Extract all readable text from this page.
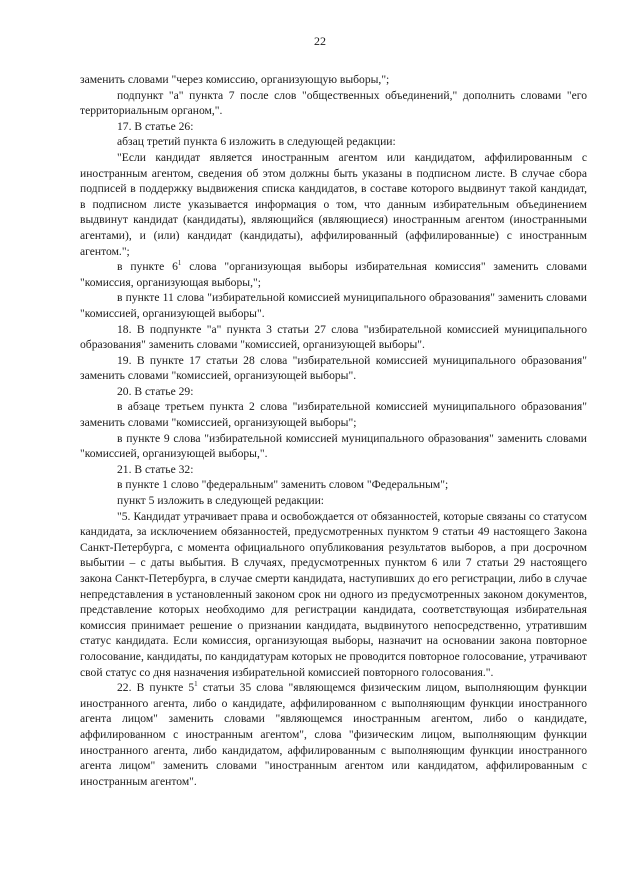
22

заменить словами "через комиссию, организующую выборы,";

подпункт "а" пункта 7 после слов "общественных объединений," дополнить словами "его территориальным органом,".

17. В статье 26:

абзац третий пункта 6 изложить в следующей редакции:

"Если кандидат является иностранным агентом или кандидатом, аффилированным с иностранным агентом, сведения об этом должны быть указаны в подписном листе. В случае сбора подписей в поддержку выдвижения списка кандидатов, в составе которого выдвинут такой кандидат, в подписном листе указывается информация о том, что данным избирательным объединением выдвинут кандидат (кандидаты), являющийся (являющиеся) иностранным агентом (иностранными агентами), и (или) кандидат (кандидаты), аффилированный (аффилированные) с иностранным агентом.";

в пункте $6^1$ слова "организующая выборы избирательная комиссия" заменить словами "комиссия, организующая выборы,";

в пункте 11 слова "избирательной комиссией муниципального образования" заменить словами "комиссией, организующей выборы".

18. В подпункте "а" пункта 3 статьи 27 слова "избирательной комиссией муниципального образования" заменить словами "комиссией, организующей выборы".

19. В пункте 17 статьи 28 слова "избирательной комиссией муниципального образования" заменить словами "комиссией, организующей выборы".

20. В статье 29:

в абзаце третьем пункта 2 слова "избирательной комиссией муниципального образования" заменить словами "комиссией, организующей выборы";

в пункте 9 слова "избирательной комиссией муниципального образования" заменить словами "комиссией, организующей выборы,".

21. В статье 32:

в пункте 1 слово "федеральным" заменить словом "Федеральным";

пункт 5 изложить в следующей редакции:

"5. Кандидат утрачивает права и освобождается от обязанностей, которые связаны со статусом кандидата, за исключением обязанностей, предусмотренных пунктом 9 статьи 49 настоящего Закона Санкт-Петербурга, с момента официального опубликования результатов выборов, а при досрочном выбытии – с даты выбытия. В случаях, предусмотренных пунктом 6 или 7 статьи 29 настоящего закона Санкт-Петербурга, в случае смерти кандидата, наступивших до его регистрации, либо в случае непредставления в установленный законом срок ни одного из предусмотренных законом документов, представление которых необходимо для регистрации кандидата, соответствующая избирательная комиссия принимает решение о признании кандидата, выдвинутого непосредственно, утратившим статус кандидата. Если комиссия, организующая выборы, назначит на основании закона повторное голосование, кандидаты, по кандидатурам которых не проводится повторное голосование, утрачивают свой статус со дня назначения избирательной комиссией повторного голосования.".

22. В пункте $5^1$ статьи 35 слова "являющемся физическим лицом, выполняющим функции иностранного агента, либо о кандидате, аффилированном с выполняющим функции иностранного агента лицом" заменить словами "являющемся иностранным агентом, либо о кандидате, аффилированном с иностранным агентом", слова "физическим лицом, выполняющим функции иностранного агента, либо кандидатом, аффилированным с выполняющим функции иностранного агента лицом" заменить словами "иностранным агентом или кандидатом, аффилированным с иностранным агентом".
